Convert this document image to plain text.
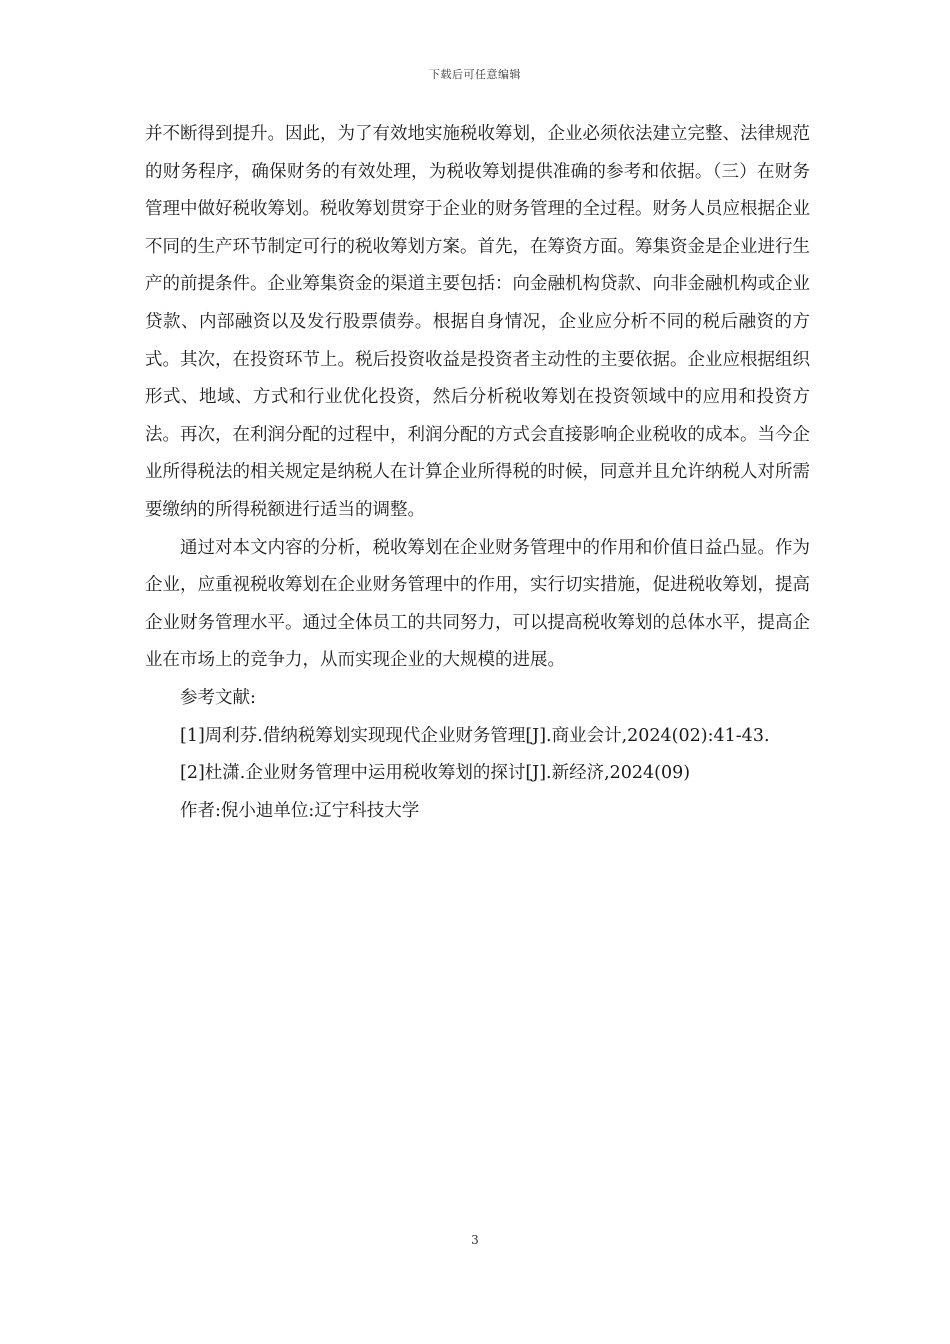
下载后可任意编辑

并不断得到提升。因此，为了有效地实施税收筹划，企业必须依法建立完整、法律规范的财务程序，确保财务的有效处理，为税收筹划提供准确的参考和依据。（三）在财务管理中做好税收筹划。税收筹划贯穿于企业的财务管理的全过程。财务人员应根据企业不同的生产环节制定可行的税收筹划方案。首先，在筹资方面。筹集资金是企业进行生产的前提条件。企业筹集资金的渠道主要包括：向金融机构贷款、向非金融机构或企业贷款、内部融资以及发行股票债券。根据自身情况，企业应分析不同的税后融资的方式。其次，在投资环节上。税后投资收益是投资者主动性的主要依据。企业应根据组织形式、地域、方式和行业优化投资，然后分析税收筹划在投资领域中的应用和投资方法。再次，在利润分配的过程中，利润分配的方式会直接影响企业税收的成本。当今企业所得税法的相关规定是纳税人在计算企业所得税的时候，同意并且允许纳税人对所需要缴纳的所得税额进行适当的调整。

通过对本文内容的分析，税收筹划在企业财务管理中的作用和价值日益凸显。作为企业，应重视税收筹划在企业财务管理中的作用，实行切实措施，促进税收筹划，提高企业财务管理水平。通过全体员工的共同努力，可以提高税收筹划的总体水平，提高企业在市场上的竞争力，从而实现企业的大规模的进展。

参考文献:

[1]周利芬.借纳税筹划实现现代企业财务管理[J].商业会计,2024(02):41-43.

[2]杜潇.企业财务管理中运用税收筹划的探讨[J].新经济,2024(09)

作者:倪小迪单位:辽宁科技大学

3
